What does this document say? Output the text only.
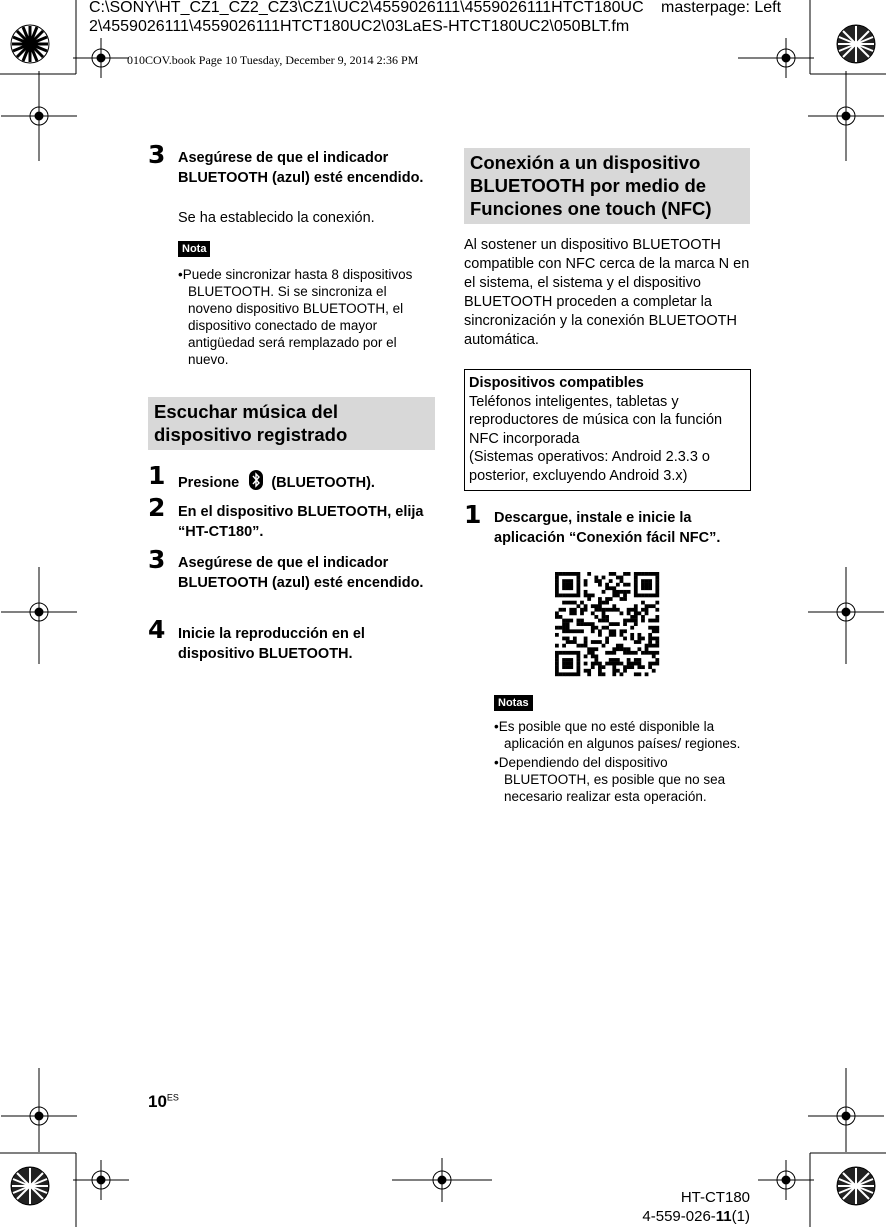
C:\SONY\HT_CZ1_CZ2_CZ3\CZ1\UC2\4559026111\4559026111HTCT180UC masterpage: Left
2\4559026111\4559026111HTCT180UC2\03LaES-HTCT180UC2\050BLT.fm
010COV.book Page 10 Tuesday, December 9, 2014 2:36 PM
3 Asegúrese de que el indicador BLUETOOTH (azul) esté encendido.
Se ha establecido la conexión.
Nota
•Puede sincronizar hasta 8 dispositivos BLUETOOTH. Si se sincroniza el noveno dispositivo BLUETOOTH, el dispositivo conectado de mayor antigüedad será remplazado por el nuevo.
Escuchar música del dispositivo registrado
1 Presione (BLUETOOTH).
2 En el dispositivo BLUETOOTH, elija “HT-CT180”.
3 Asegúrese de que el indicador BLUETOOTH (azul) esté encendido.
4 Inicie la reproducción en el dispositivo BLUETOOTH.
Conexión a un dispositivo BLUETOOTH por medio de Funciones one touch (NFC)
Al sostener un dispositivo BLUETOOTH compatible con NFC cerca de la marca N en el sistema, el sistema y el dispositivo BLUETOOTH proceden a completar la sincronización y la conexión BLUETOOTH automática.
Dispositivos compatibles
Teléfonos inteligentes, tabletas y reproductores de música con la función NFC incorporada
(Sistemas operativos: Android 2.3.3 o posterior, excluyendo Android 3.x)
1 Descargue, instale e inicie la aplicación “Conexión fácil NFC”.
Notas
•Es posible que no esté disponible la aplicación en algunos países/ regiones.
•Dependiendo del dispositivo BLUETOOTH, es posible que no sea necesario realizar esta operación.
$10^{ES}$
HT-CT180
4-559-026-11(1)
